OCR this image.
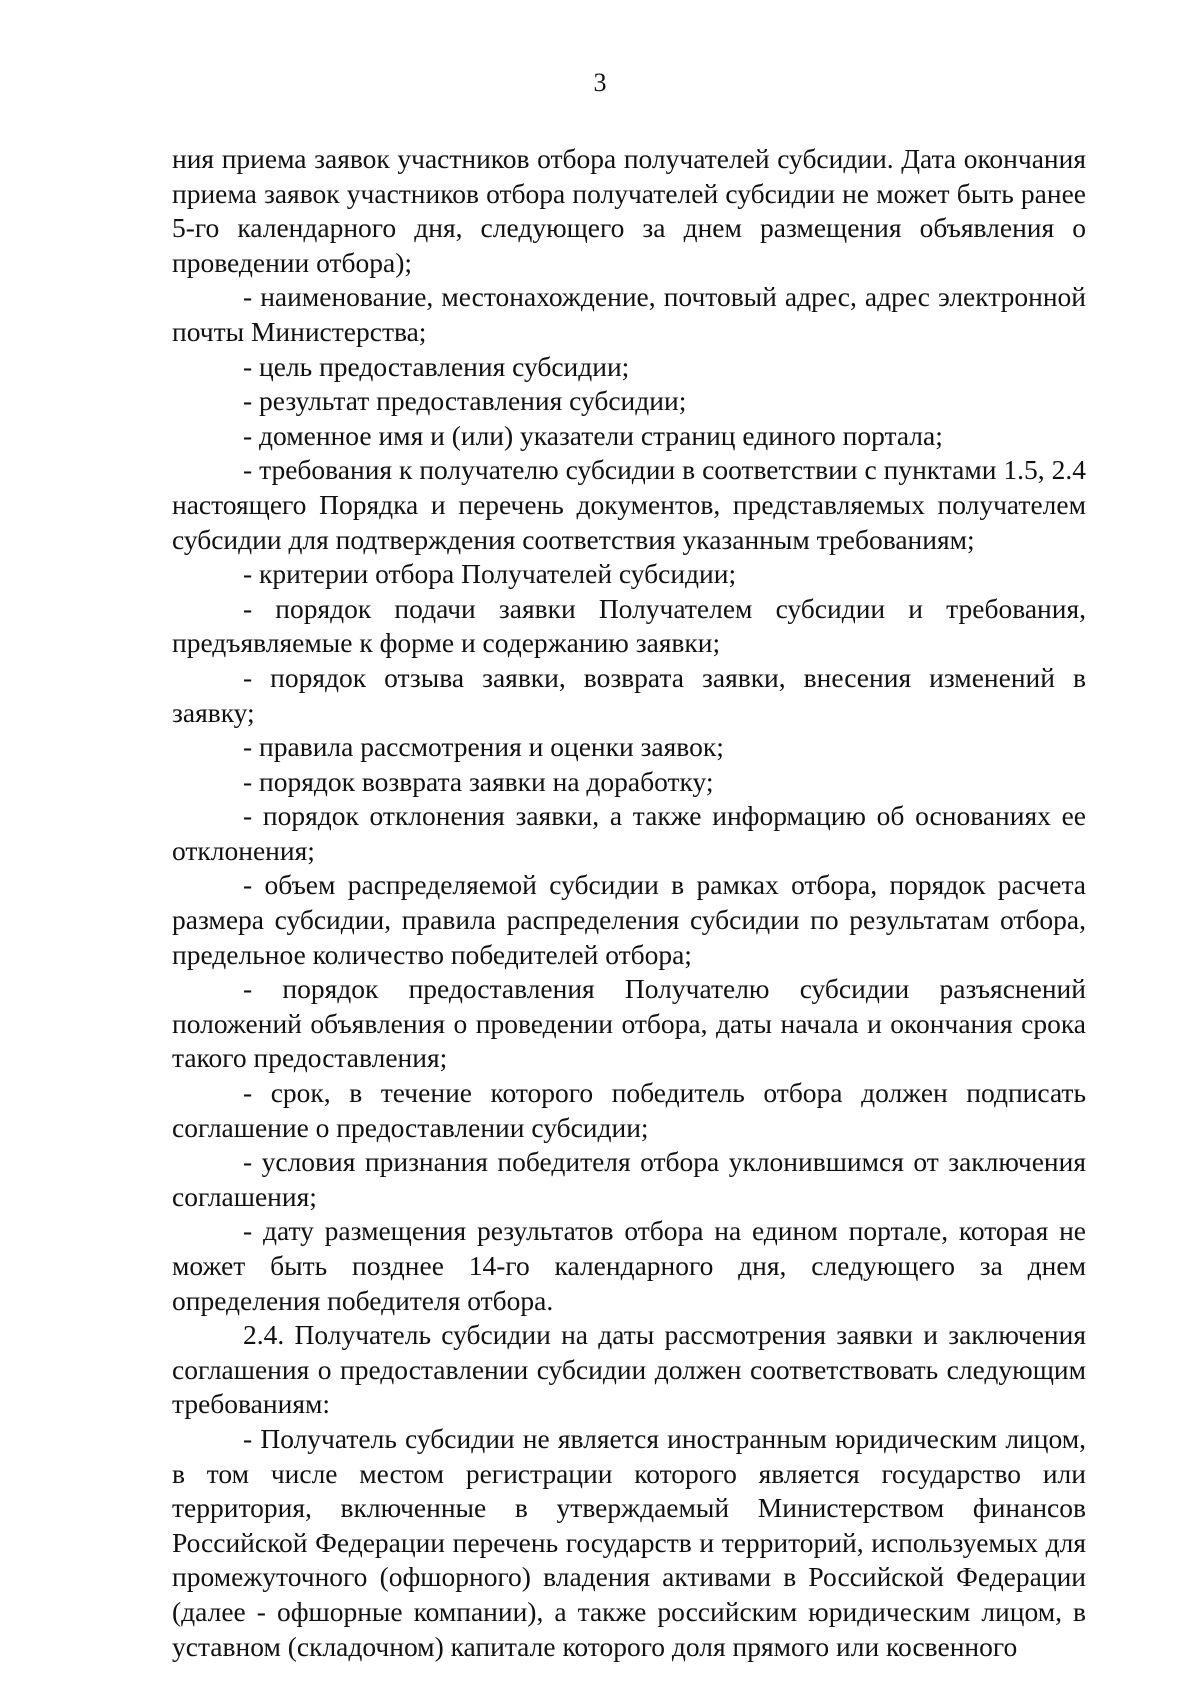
3

ния приема заявок участников отбора получателей субсидии. Дата окончания приема заявок участников отбора получателей субсидии не может быть ранее 5-го календарного дня, следующего за днем размещения объявления о проведении отбора);

- наименование, местонахождение, почтовый адрес, адрес электронной почты Министерства;

- цель предоставления субсидии;

- результат предоставления субсидии;

- доменное имя и (или) указатели страниц единого портала;

- требования к получателю субсидии в соответствии с пунктами 1.5, 2.4 настоящего Порядка и перечень документов, представляемых получателем субсидии для подтверждения соответствия указанным требованиям;

- критерии отбора Получателей субсидии;

- порядок подачи заявки Получателем субсидии и требования, предъявляемые к форме и содержанию заявки;

- порядок отзыва заявки, возврата заявки, внесения изменений в заявку;

- правила рассмотрения и оценки заявок;

- порядок возврата заявки на доработку;

- порядок отклонения заявки, а также информацию об основаниях ее отклонения;

- объем распределяемой субсидии в рамках отбора, порядок расчета размера субсидии, правила распределения субсидии по результатам отбора, предельное количество победителей отбора;

- порядок предоставления Получателю субсидии разъяснений положений объявления о проведении отбора, даты начала и окончания срока такого предоставления;

- срок, в течение которого победитель отбора должен подписать соглашение о предоставлении субсидии;

- условия признания победителя отбора уклонившимся от заключения соглашения;

- дату размещения результатов отбора на едином портале, которая не может быть позднее 14-го календарного дня, следующего за днем определения победителя отбора.

2.4. Получатель субсидии на даты рассмотрения заявки и заключения соглашения о предоставлении субсидии должен соответствовать следующим требованиям:

- Получатель субсидии не является иностранным юридическим лицом, в том числе местом регистрации которого является государство или территория, включенные в утверждаемый Министерством финансов Российской Федерации перечень государств и территорий, используемых для промежуточного (офшорного) владения активами в Российской Федерации (далее - офшорные компании), а также российским юридическим лицом, в уставном (складочном) капитале которого доля прямого или косвенного
